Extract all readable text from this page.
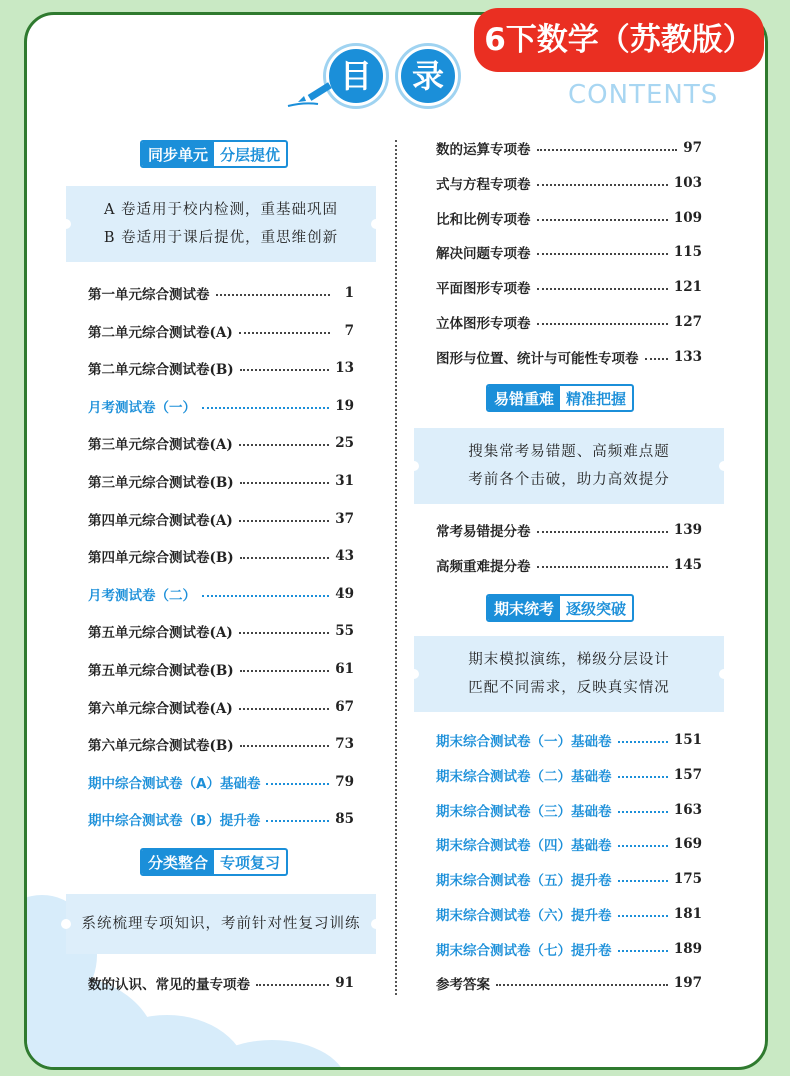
6下数学（苏教版）
目	录	CONTENTS
同步单元 分层提优
A 卷适用于校内检测，重基础巩固
B 卷适用于课后提优，重思维创新
第一单元综合测试卷	1
第二单元综合测试卷(A)	7
第二单元综合测试卷(B)	13
月考测试卷（一）	19
第三单元综合测试卷(A)	25
第三单元综合测试卷(B)	31
第四单元综合测试卷(A)	37
第四单元综合测试卷(B)	43
月考测试卷（二）	49
第五单元综合测试卷(A)	55
第五单元综合测试卷(B)	61
第六单元综合测试卷(A)	67
第六单元综合测试卷(B)	73
期中综合测试卷（A）基础卷	79
期中综合测试卷（B）提升卷	85
分类整合 专项复习
系统梳理专项知识，考前针对性复习训练
数的认识、常见的量专项卷	91
数的运算专项卷	97
式与方程专项卷	103
比和比例专项卷	109
解决问题专项卷	115
平面图形专项卷	121
立体图形专项卷	127
图形与位置、统计与可能性专项卷	133
易错重难 精准把握
搜集常考易错题、高频难点题
考前各个击破，助力高效提分
常考易错提分卷	139
高频重难提分卷	145
期末统考 逐级突破
期末模拟演练，梯级分层设计
匹配不同需求，反映真实情况
期末综合测试卷（一）基础卷	151
期末综合测试卷（二）基础卷	157
期末综合测试卷（三）基础卷	163
期末综合测试卷（四）基础卷	169
期末综合测试卷（五）提升卷	175
期末综合测试卷（六）提升卷	181
期末综合测试卷（七）提升卷	189
参考答案	197
